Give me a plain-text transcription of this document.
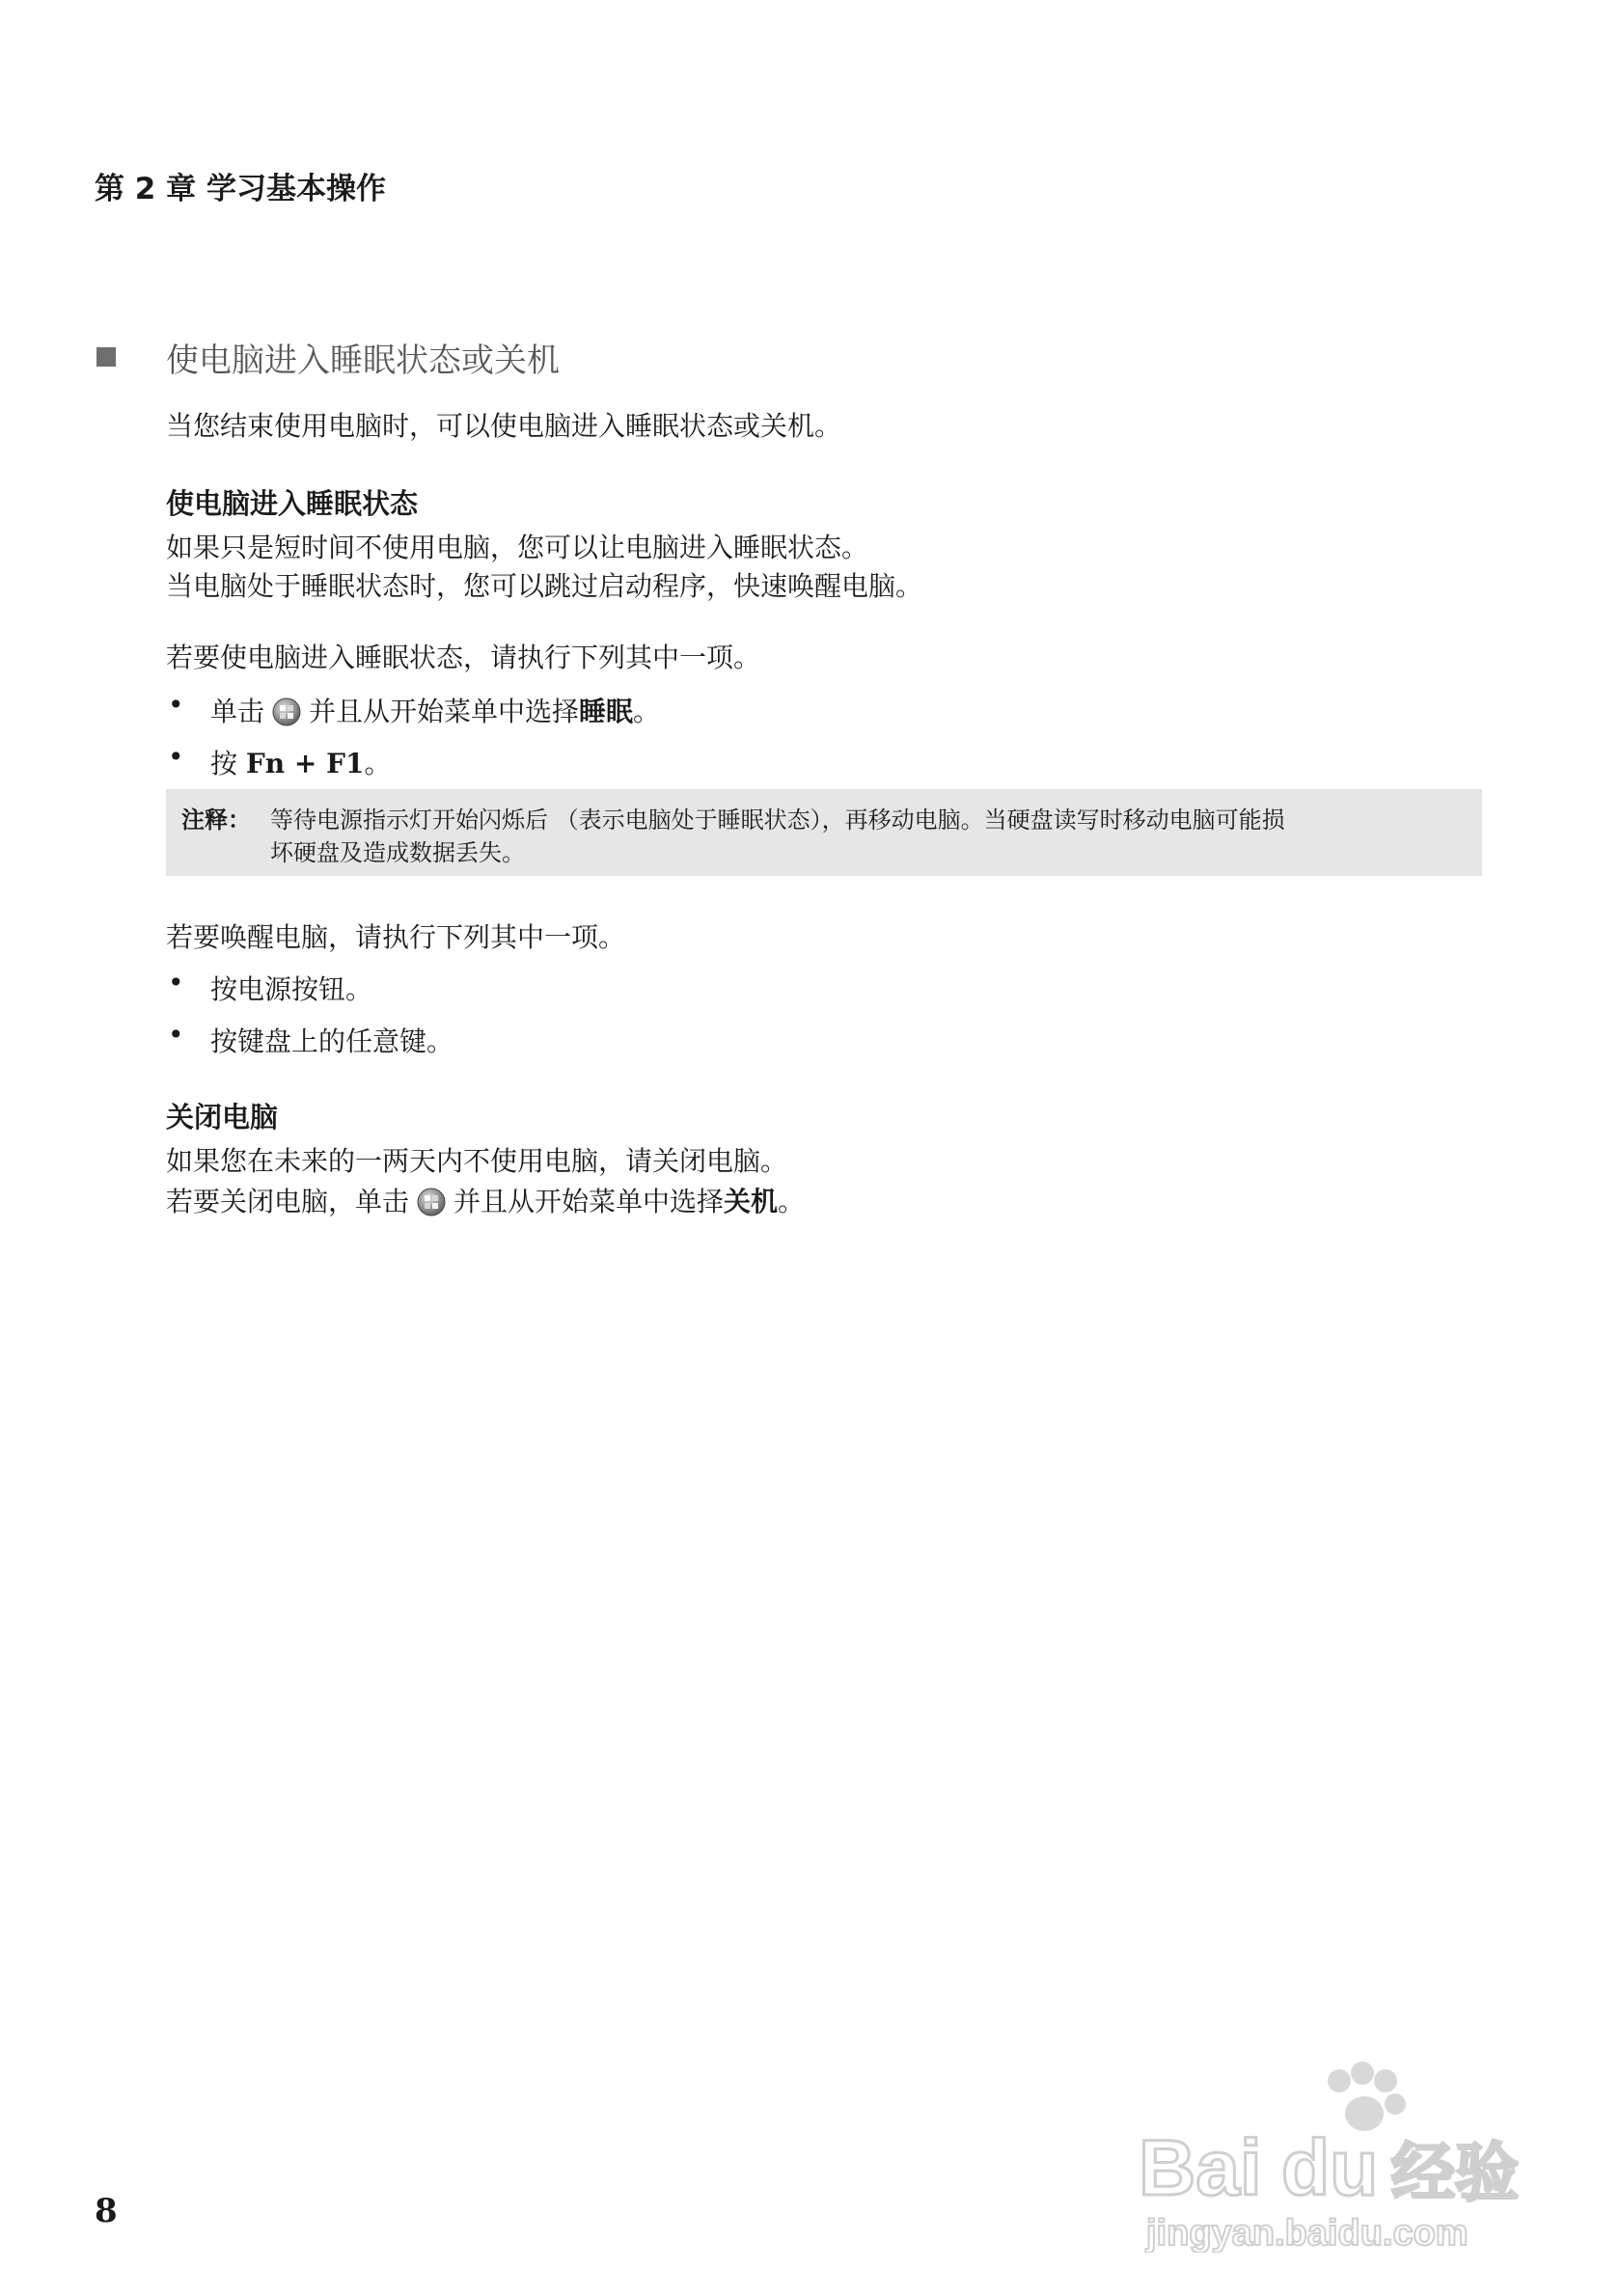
第 2 章 学习基本操作
使电脑进入睡眠状态或关机
当您结束使用电脑时，可以使电脑进入睡眠状态或关机。
使电脑进入睡眠状态
如果只是短时间不使用电脑，您可以让电脑进入睡眠状态。
当电脑处于睡眠状态时，您可以跳过启动程序，快速唤醒电脑。
若要使电脑进入睡眠状态，请执行下列其中一项。
• 单击 并且从开始菜单中选择睡眠。
• 按 Fn + F1。
注释： 等待电源指示灯开始闪烁后 （表示电脑处于睡眠状态），再移动电脑。当硬盘读写时移动电脑可能损
坏硬盘及造成数据丢失。
若要唤醒电脑，请执行下列其中一项。
• 按电源按钮。
• 按键盘上的任意键。
关闭电脑
如果您在未来的一两天内不使用电脑，请关闭电脑。
若要关闭电脑，单击 并且从开始菜单中选择关机。
8	Bai du 经验
jingyan.baidu.com
